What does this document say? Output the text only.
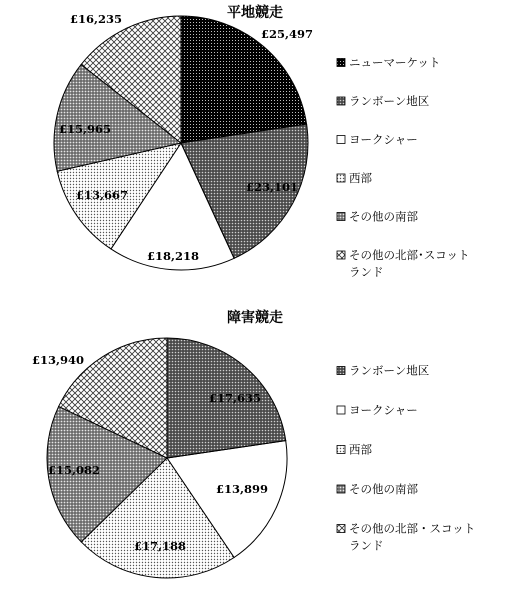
平地競走
£25,497
£23,101
£18,218
£13,667
£15,965
£16,235
ニューマーケット
ランボーン地区
ヨークシャー
西部
その他の南部
その他の北部･スコット
ランド
障害競走
£17,635
£13,899
£17,188
£15,082
£13,940
ランボーン地区
ヨークシャー
西部
その他の南部
その他の北部・スコット
ランド
